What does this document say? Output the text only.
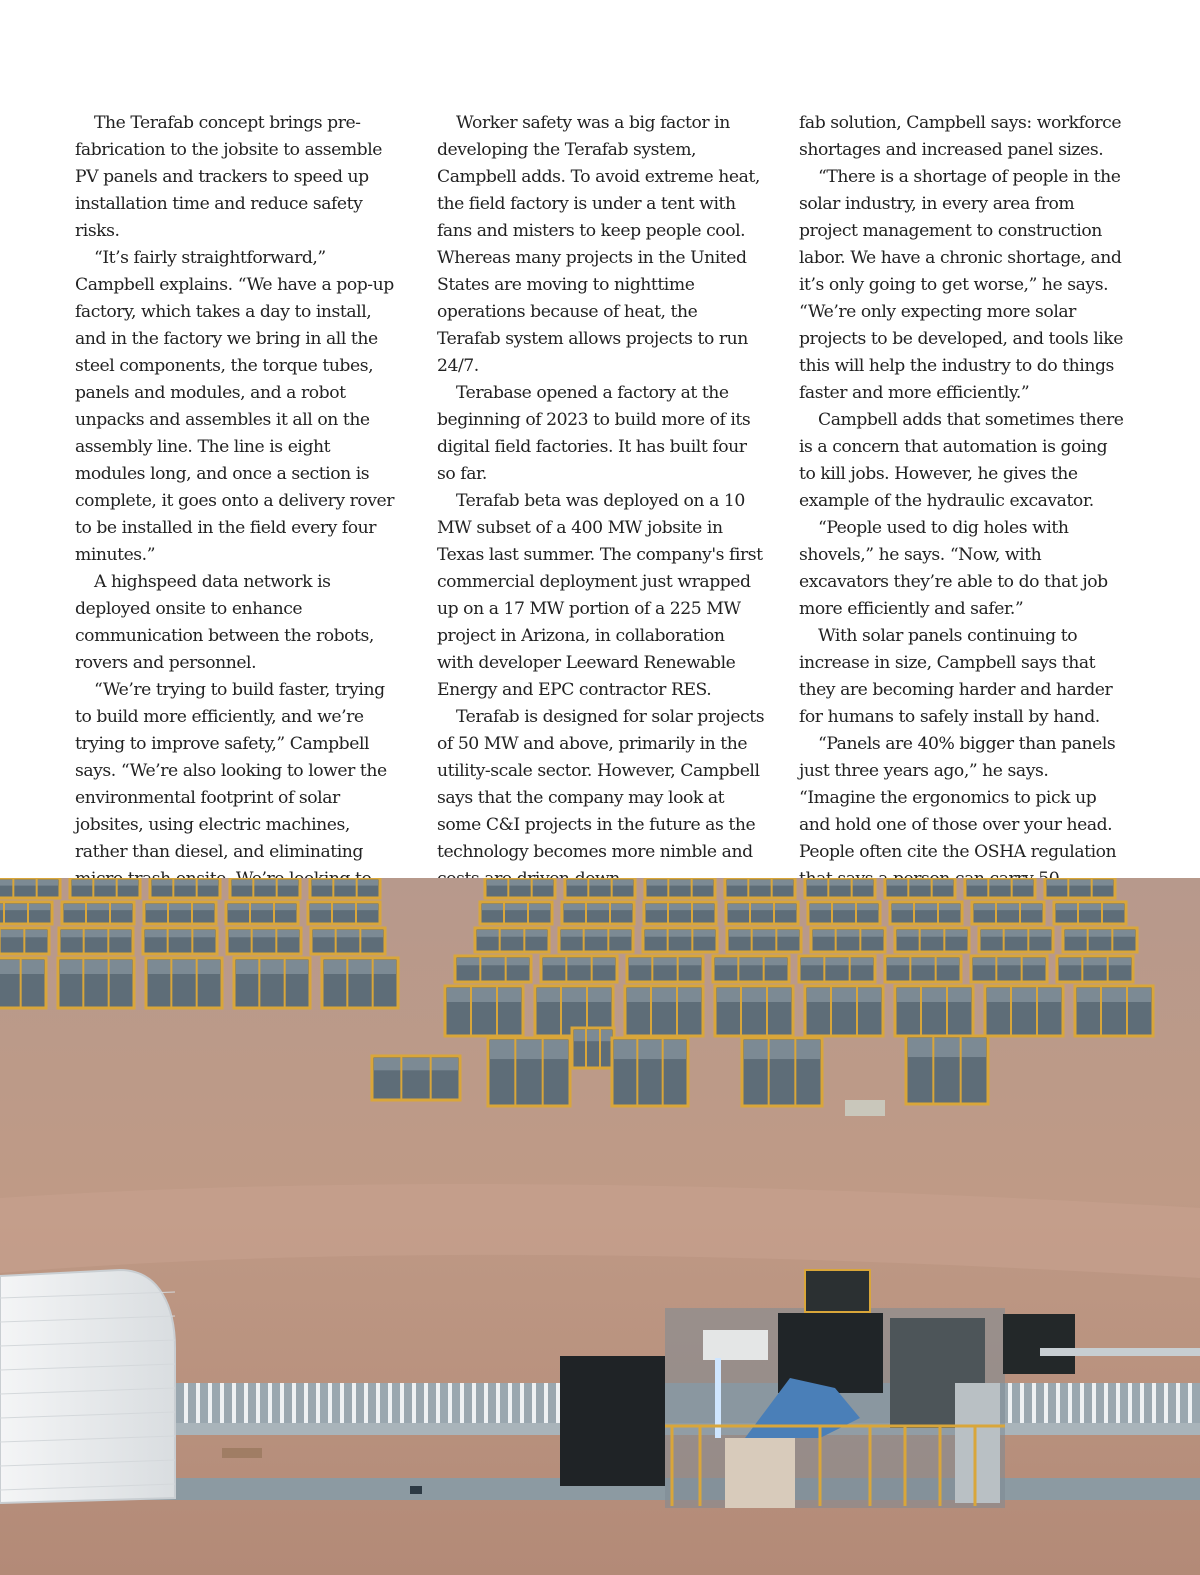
The Terafab concept brings pre-fabrication to the jobsite to assemble PV panels and trackers to speed up installation time and reduce safety risks.

“It’s fairly straightforward,” Campbell explains. “We have a pop-up factory, which takes a day to install, and in the factory we bring in all the steel components, the torque tubes, panels and modules, and a robot unpacks and assembles it all on the assembly line. The line is eight modules long, and once a section is complete, it goes onto a delivery rover to be installed in the field every four minutes.”

A highspeed data network is deployed onsite to enhance communication between the robots, rovers and personnel.

“We’re trying to build faster, trying to build more efficiently, and we’re trying to improve safety,” Campbell says. “We’re also looking to lower the environmental footprint of solar jobsites, using electric machines, rather than diesel, and eliminating

Worker safety was a big factor in developing the Terafab system, Campbell adds. To avoid extreme heat, the field factory is under a tent with fans and misters to keep people cool. Whereas many projects in the United States are moving to nighttime operations because of heat, the Terafab system allows projects to run 24/7.

Terabase opened a factory at the beginning of 2023 to build more of its digital field factories. It has built four so far.

Terafab beta was deployed on a 10 MW subset of a 400 MW jobsite in Texas last summer. The company's first commercial deployment just wrapped up on a 17 MW portion of a 225 MW project in Arizona, in collaboration with developer Leeward Renewable Energy and EPC contractor RES.

Terafab is designed for solar projects of 50 MW and above, primarily in the utility-scale sector. However, Campbell says that the company may look at some C&I projects in the future as the technology becomes more nimble and

fab solution, Campbell says: workforce shortages and increased panel sizes.

“There is a shortage of people in the solar industry, in every area from project management to construction labor. We have a chronic shortage, and it’s only going to get worse,” he says. “We’re only expecting more solar projects to be developed, and tools like this will help the industry to do things faster and more efficiently.”

Campbell adds that sometimes there is a concern that automation is going to kill jobs. However, he gives the example of the hydraulic excavator.

“People used to dig holes with shovels,” he says. “Now, with excavators they’re able to do that job more efficiently and safer.”

With solar panels continuing to increase in size, Campbell says that they are becoming harder and harder for humans to safely install by hand.

“Panels are 40% bigger than panels just three years ago,” he says. “Imagine the ergonomics to pick up and hold one of those over your head. People often cite the OSHA regulation
